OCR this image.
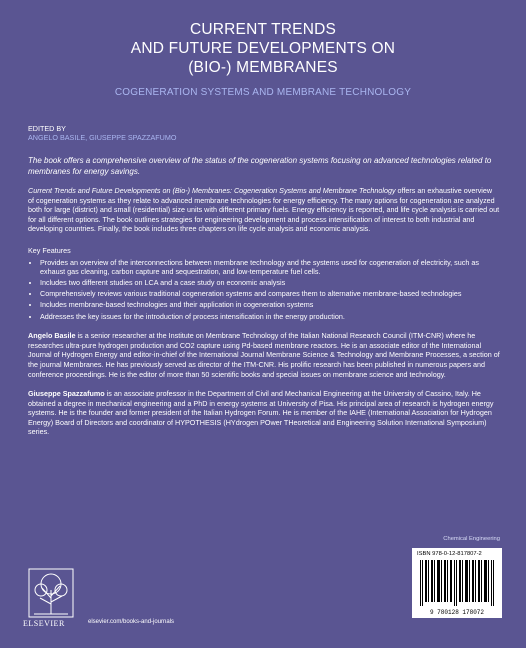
CURRENT TRENDS
AND FUTURE DEVELOPMENTS ON
(BIO-) MEMBRANES
COGENERATION SYSTEMS AND MEMBRANE TECHNOLOGY
EDITED BY
ANGELO BASILE, GIUSEPPE SPAZZAFUMO

The book offers a comprehensive overview of the status of the cogeneration systems focusing on advanced technologies related to membranes for energy savings.

Current Trends and Future Developments on (Bio-) Membranes: Cogeneration Systems and Membrane Technology offers an exhaustive overview of cogeneration systems as they relate to advanced membrane technologies for energy efficiency. The many options for cogeneration are analyzed both for large (district) and small (residential) size units with different primary fuels. Energy efficiency is reported, and life cycle analysis is carried out for all different options. The book outlines strategies for engineering development and process intensification of interest to both industrial and developing countries. Finally, the book includes three chapters on life cycle analysis and economic analysis.

Key Features
• Provides an overview of the interconnections between membrane technology and the systems used for cogeneration of electricity, such as exhaust gas cleaning, carbon capture and sequestration, and low-temperature fuel cells.
• Includes two different studies on LCA and a case study on economic analysis
• Comprehensively reviews various traditional cogeneration systems and compares them to alternative membrane-based technologies
• Includes membrane-based technologies and their application in cogeneration systems
• Addresses the key issues for the introduction of process intensification in the energy production.

Angelo Basile is a senior researcher at the Institute on Membrane Technology of the Italian National Research Council (ITM-CNR) where he researches ultra-pure hydrogen production and CO2 capture using Pd-based membrane reactors. He is an associate editor of the International Journal of Hydrogen Energy and editor-in-chief of the International Journal Membrane Science & Technology and Membrane Processes, a section of the journal Membranes. He has previously served as director of the ITM-CNR. His prolific research has been published in numerous papers and conference proceedings. He is the editor of more than 50 scientific books and special issues on membrane science and technology.

Giuseppe Spazzafumo is an associate professor in the Department of Civil and Mechanical Engineering at the University of Cassino, Italy. He obtained a degree in mechanical engineering and a PhD in energy systems at University of Pisa. His principal area of research is hydrogen energy systems. He is the founder and former president of the Italian Hydrogen Forum. He is member of the IAHE (International Association for Hydrogen Energy) Board of Directors and coordinator of HYPOTHESIS (HYdrogen POwer THeoretical and Engineering Solution International Symposium) series.

Chemical Engineering
ISBN 978-0-12-817807-2
9 780128 178072
ELSEVIER	elsevier.com/books-and-journals
